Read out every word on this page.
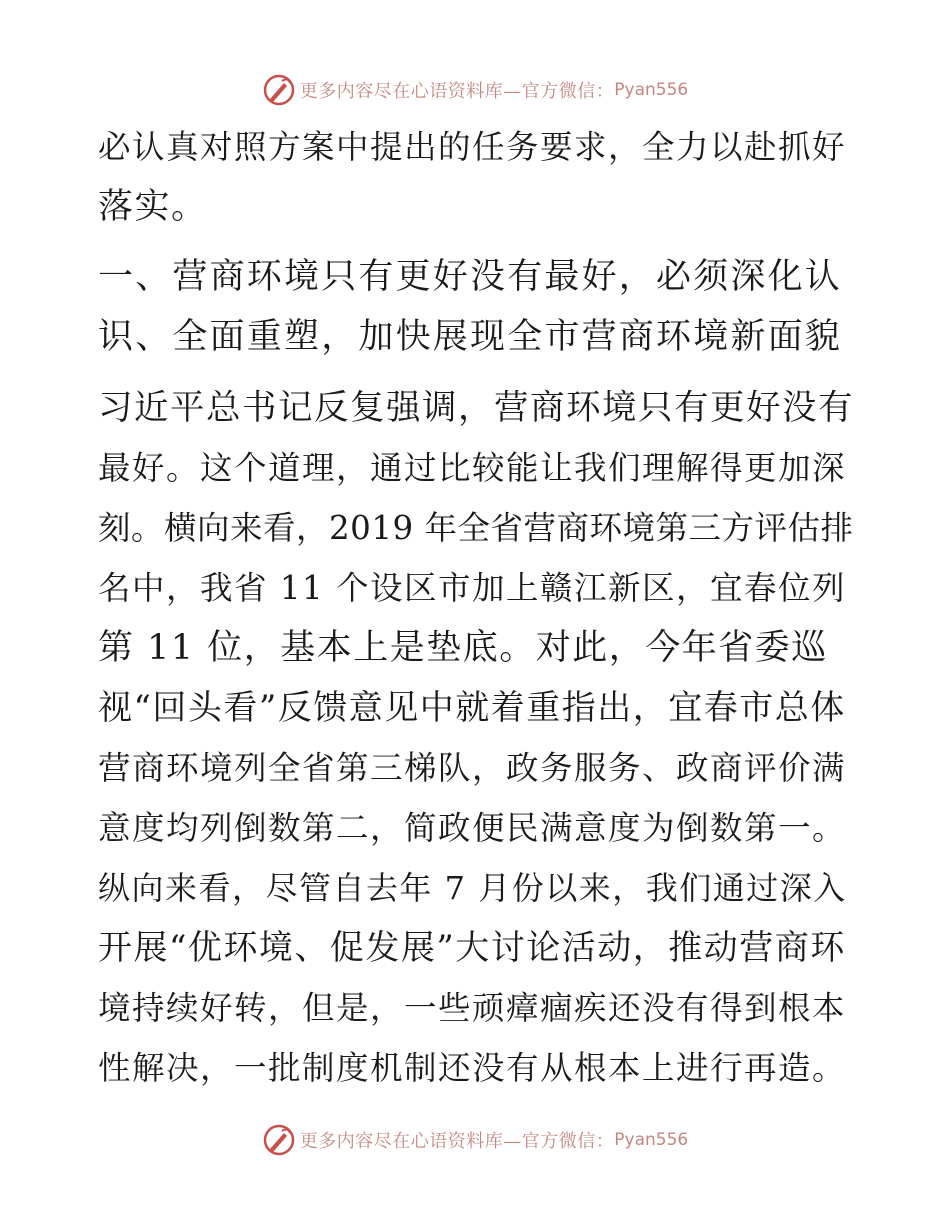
更多内容尽在心语资料库—官方微信： Pyan556
必认真对照方案中提出的任务要求，全力以赴抓好
落实。
一、营商环境只有更好没有最好，必须深化认
识、全面重塑，加快展现全市营商环境新面貌
习近平总书记反复强调，营商环境只有更好没有
最好。这个道理，通过比较能让我们理解得更加深
刻。横向来看，2019 年全省营商环境第三方评估排
名中，我省 11 个设区市加上赣江新区，宜春位列
第 11 位，基本上是垫底。对此，今年省委巡
视“回头看”反馈意见中就着重指出，宜春市总体
营商环境列全省第三梯队，政务服务、政商评价满
意度均列倒数第二，简政便民满意度为倒数第一。
纵向来看，尽管自去年 7 月份以来，我们通过深入
开展“优环境、促发展”大讨论活动，推动营商环
境持续好转，但是，一些顽瘴痼疾还没有得到根本
性解决，一批制度机制还没有从根本上进行再造。
更多内容尽在心语资料库—官方微信： Pyan556
